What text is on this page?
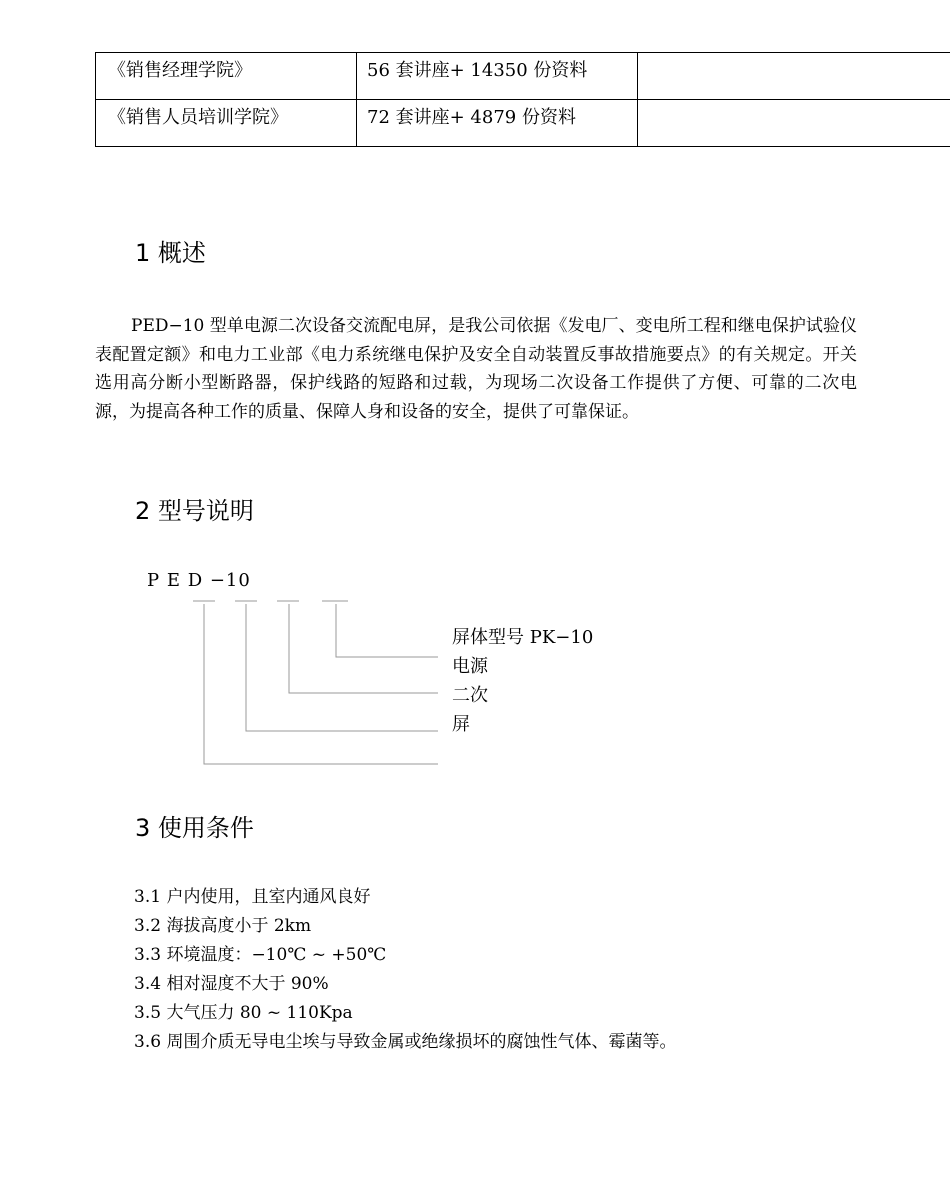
《销售经理学院》	56 套讲座+ 14350 份资料	
《销售人员培训学院》	72 套讲座+ 4879 份资料	
1 概述

PED−10 型单电源二次设备交流配电屏，是我公司依据《发电厂、变电所工程和继电保护试验仪表配置定额》和电力工业部《电力系统继电保护及安全自动装置反事故措施要点》的有关规定。开关选用高分断小型断路器，保护线路的短路和过载，为现场二次设备工作提供了方便、可靠的二次电源，为提高各种工作的质量、保障人身和设备的安全，提供了可靠保证。

2 型号说明
P E D −10
屏体型号 PK−10
电源
二次
屏
3 使用条件
3.1 户内使用，且室内通风良好
3.2 海拔高度小于 2km
3.3 环境温度：−10℃ ~ +50℃
3.4 相对湿度不大于 90%
3.5 大气压力 80 ~ 110Kpa
3.6 周围介质无导电尘埃与导致金属或绝缘损坏的腐蚀性气体、霉菌等。
